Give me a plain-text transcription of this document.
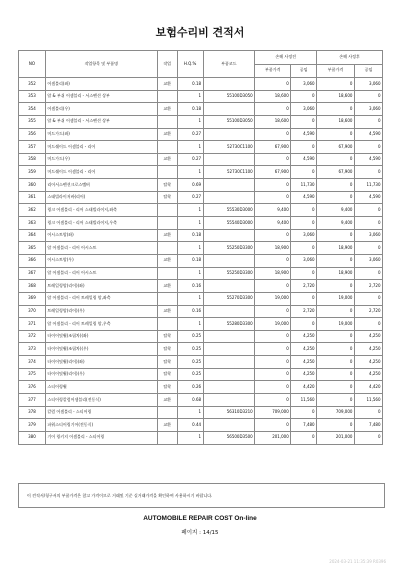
보험수리비 견적서
NO	작업항목 및 부품명	작업	H.Q.%	부품코드	손해 사정전		손해 사정후	
					부품가격	공임	부품가격	공임
352	어셈블리(좌)	교환	0.18		0	3,060	0	3,060
353	암 & 부쉬 어셈블리 - 서스펜션 상부		1	55100D3050	18,600	0	18,600	0
354	어셈블리(우)	교환	0.18		0	3,060	0	3,060
355	암 & 부쉬 어셈블리 - 서스펜션 상부		1	55100D3050	18,600	0	18,600	0
356	머드가드(좌)	교환	0.27		0	4,590	0	4,590
357	머드쉐이드 어셈블리 - 리어		1	52730C1100	67,900	0	67,900	0
358	머드가드(우)	교환	0.27		0	4,590	0	4,590
359	머드쉐이드 어셈블리 - 리어		1	52730C1100	67,900	0	67,900	0
360	리어서스펜션크로스멤버	탈착	0.69		0	11,730	0	11,730
361	스태빌라이저바(리어)	탈착	0.27		0	4,590	0	4,590
362	링크 어셈블리 - 리어 스태빌라이저,좌측		1	55530D3000	9,400	0	9,400	0
363	링크 어셈블리 - 리어 스태빌라이저,우측		1	55540D3000	9,400	0	9,400	0
364	어시스트암(좌)	교환	0.18		0	3,060	0	3,060
365	암 어셈블리 - 리어 어시스트		1	55250D3300	18,900	0	18,900	0
366	어시스트암(우)	교환	0.18		0	3,060	0	3,060
367	암 어셈블리 - 리어 어시스트		1	55250D3300	18,900	0	18,900	0
368	트레일링암(리어)(좌)	교환	0.16		0	2,720	0	2,720
369	암 어셈블리 - 리어 트레일링 암,좌측		1	55270D3300	19,000	0	19,000	0
370	트레일링암(리어)(우)	교환	0.16		0	2,720	0	2,720
371	암 어셈블리 - 리어 트레일링 암,우측		1	55280D3300	19,000	0	19,000	0
372	타이어및휠(조립차)(좌)	탈착	0.25		0	4,250	0	4,250
373	타이어및휠(조립차)(우)	탈착	0.25		0	4,250	0	4,250
374	타이어및휠(리어)(좌)	탈착	0.25		0	4,250	0	4,250
375	타이어및휠(리어)(우)	탈착	0.25		0	4,250	0	4,250
376	스티어링휠	탈착	0.26		0	4,420	0	4,420
377	스티어링칼럼어셈블리(전동식)	교환	0.68		0	11,560	0	11,560
378	칼럼 어셈블리 - 스티어링		1	56310D3210	709,000	0	709,000	0
379	파워스티어링기어(전동식)	교환	0.44		0	7,480	0	7,480
380	기어 링키지 어셈블리 - 스티어링		1	56500D3500	201,000	0	201,000	0
이 견적서/청구서의 부품가격은 참고 가격이므로 거래및 기준 실거래가격을 확인하여 사용하시기 바랍니다.
AUTOMOBILE REPAIR COST On-line
페이지 : 14/15
2024-03-21 11:35:39 R0396
